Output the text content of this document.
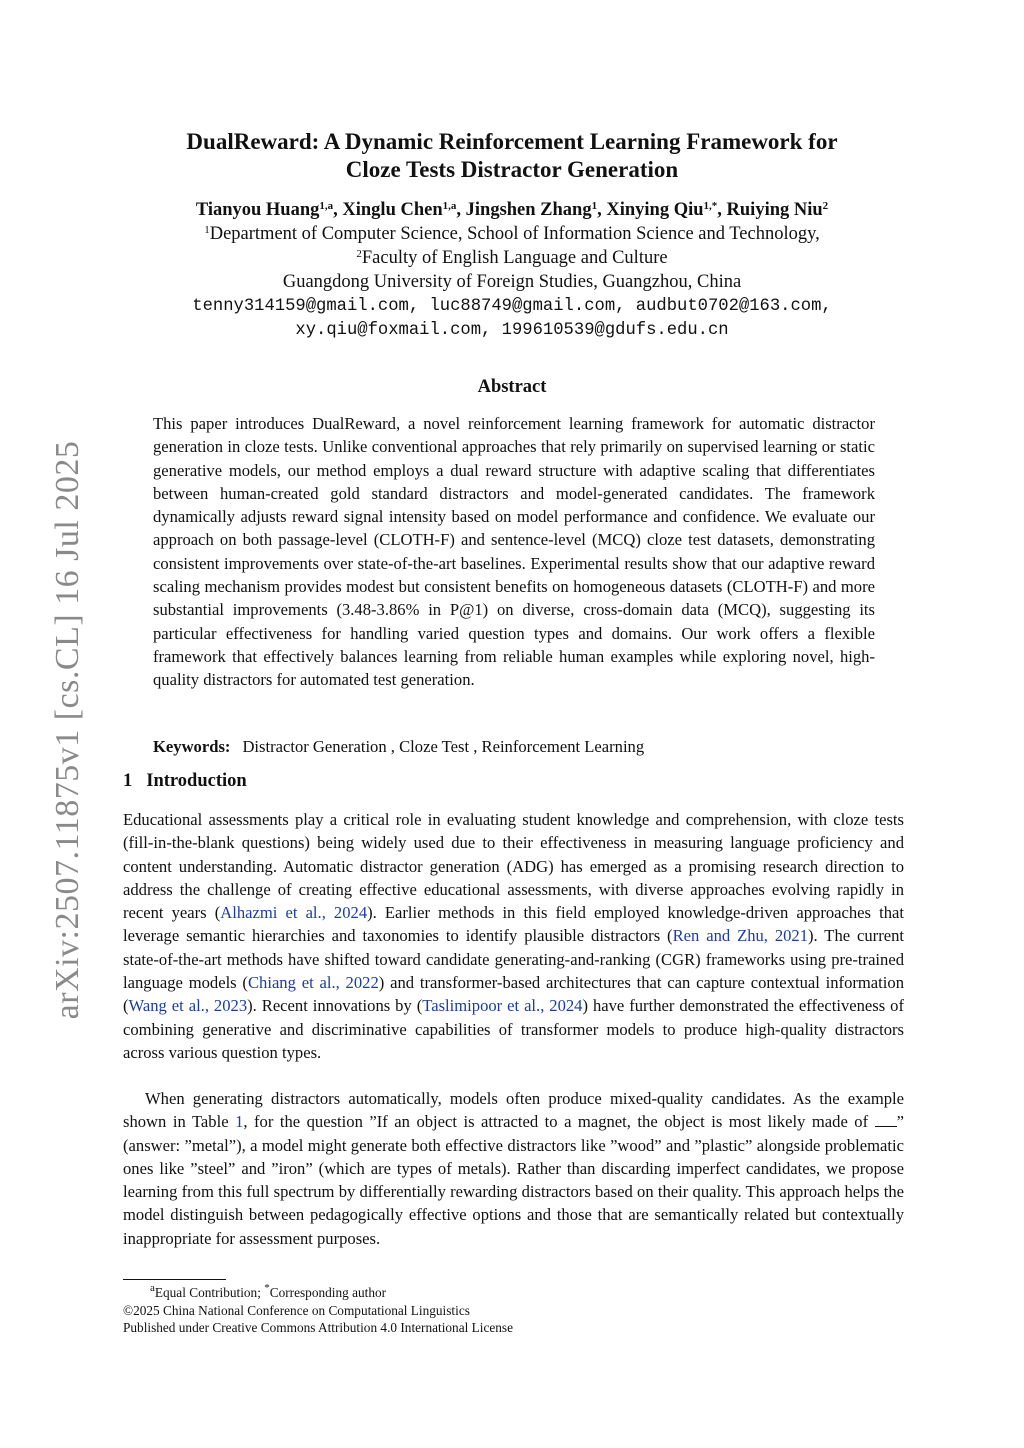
arXiv:2507.11875v1 [cs.CL] 16 Jul 2025
DualReward: A Dynamic Reinforcement Learning Framework for
Cloze Tests Distractor Generation
Tianyou Huang$^{1,a}$, Xinglu Chen$^{1,a}$, Jingshen Zhang$^1$, Xinying Qiu$^{1,*}$, Ruiying Niu$^2$
$^1$Department of Computer Science, School of Information Science and Technology,
$^2$Faculty of English Language and Culture
Guangdong University of Foreign Studies, Guangzhou, China
tenny314159@gmail.com, luc88749@gmail.com, audbut0702@163.com,
xy.qiu@foxmail.com, 199610539@gdufs.edu.cn
Abstract
This paper introduces DualReward, a novel reinforcement learning framework for automatic distractor generation in cloze tests. Unlike conventional approaches that rely primarily on supervised learning or static generative models, our method employs a dual reward structure with adaptive scaling that differentiates between human-created gold standard distractors and model-generated candidates. The framework dynamically adjusts reward signal intensity based on model performance and confidence. We evaluate our approach on both passage-level (CLOTH-F) and sentence-level (MCQ) cloze test datasets, demonstrating consistent improvements over state-of-the-art baselines. Experimental results show that our adaptive reward scaling mechanism provides modest but consistent benefits on homogeneous datasets (CLOTH-F) and more substantial improvements (3.48-3.86% in P@1) on diverse, cross-domain data (MCQ), suggesting its particular effectiveness for handling varied question types and domains. Our work offers a flexible framework that effectively balances learning from reliable human examples while exploring novel, high-quality distractors for automated test generation.
Keywords: Distractor Generation , Cloze Test , Reinforcement Learning
1 Introduction
Educational assessments play a critical role in evaluating student knowledge and comprehension, with cloze tests (fill-in-the-blank questions) being widely used due to their effectiveness in measuring language proficiency and content understanding. Automatic distractor generation (ADG) has emerged as a promising research direction to address the challenge of creating effective educational assessments, with diverse approaches evolving rapidly in recent years (Alhazmi et al., 2024). Earlier methods in this field employed knowledge-driven approaches that leverage semantic hierarchies and taxonomies to identify plausible distractors (Ren and Zhu, 2021). The current state-of-the-art methods have shifted toward candidate generating-and-ranking (CGR) frameworks using pre-trained language models (Chiang et al., 2022) and transformer-based architectures that can capture contextual information (Wang et al., 2023). Recent innovations by (Taslimipoor et al., 2024) have further demonstrated the effectiveness of combining generative and discriminative capabilities of transformer models to produce high-quality distractors across various question types.
When generating distractors automatically, models often produce mixed-quality candidates. As the example shown in Table 1, for the question ”If an object is attracted to a magnet, the object is most likely made of ” (answer: ”metal”), a model might generate both effective distractors like ”wood” and ”plastic” alongside problematic ones like ”steel” and ”iron” (which are types of metals). Rather than discarding imperfect candidates, we propose learning from this full spectrum by differentially rewarding distractors based on their quality. This approach helps the model distinguish between pedagogically effective options and those that are semantically related but contextually inappropriate for assessment purposes.
$^a$Equal Contribution; *Corresponding author
©2025 China National Conference on Computational Linguistics
Published under Creative Commons Attribution 4.0 International License
